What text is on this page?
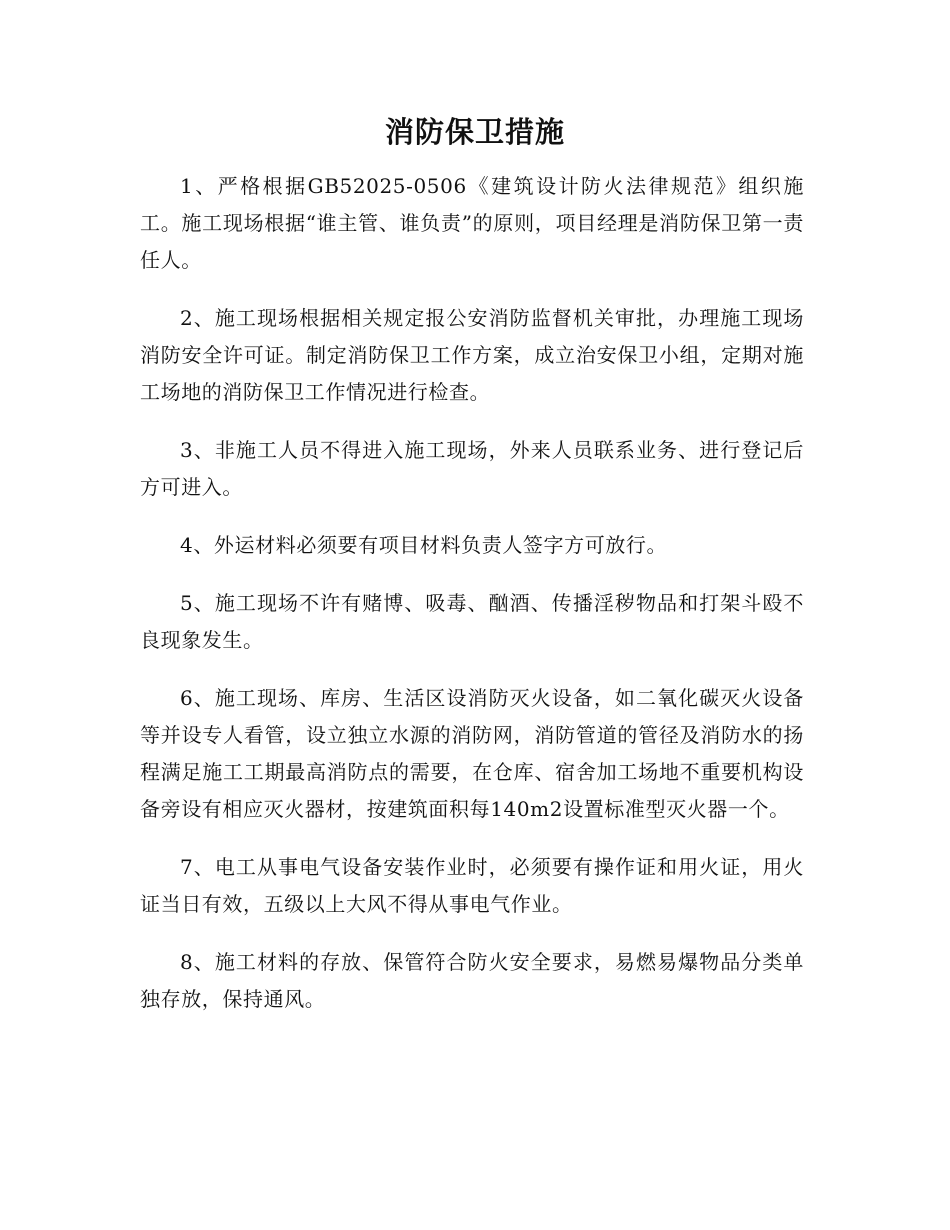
消防保卫措施

1、严格根据GB52025-0506《建筑设计防火法律规范》组织施工。施工现场根据“谁主管、谁负责”的原则，项目经理是消防保卫第一责任人。

2、施工现场根据相关规定报公安消防监督机关审批，办理施工现场消防安全许可证。制定消防保卫工作方案，成立治安保卫小组，定期对施工场地的消防保卫工作情况进行检查。

3、非施工人员不得进入施工现场，外来人员联系业务、进行登记后方可进入。

4、外运材料必须要有项目材料负责人签字方可放行。

5、施工现场不许有赌博、吸毒、酗酒、传播淫秽物品和打架斗殴不良现象发生。

6、施工现场、库房、生活区设消防灭火设备，如二氧化碳灭火设备等并设专人看管，设立独立水源的消防网，消防管道的管径及消防水的扬程满足施工工期最高消防点的需要，在仓库、宿舍加工场地不重要机构设备旁设有相应灭火器材，按建筑面积每140m2设置标准型灭火器一个。

7、电工从事电气设备安装作业时，必须要有操作证和用火证，用火证当日有效，五级以上大风不得从事电气作业。

8、施工材料的存放、保管符合防火安全要求，易燃易爆物品分类单独存放，保持通风。
